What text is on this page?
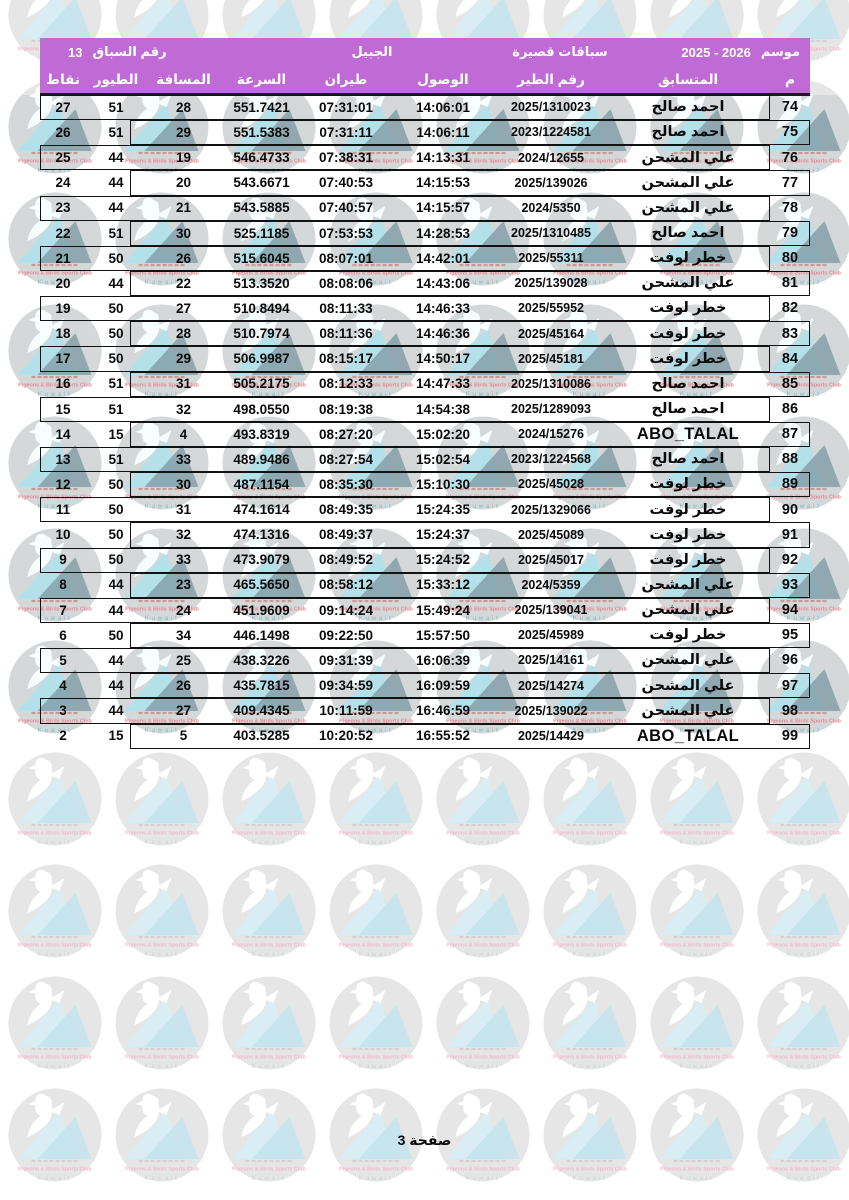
13 رقم السباق	الجبيل	سباقات قصيرة	2025 - 2026 موسم
نقاط	الطيور	المسافة	السرعة	طيران	الوصول	رقم الطير	المتسابق	م
27	51	28	551.7421	07:31:01	14:06:01	2025/1310023	احمد صالح	74
26	51	29	551.5383	07:31:11	14:06:11	2023/1224581	احمد صالح	75
25	44	19	546.4733	07:38:31	14:13:31	2024/12655	علي المشحن	76
24	44	20	543.6671	07:40:53	14:15:53	2025/139026	علي المشحن	77
23	44	21	543.5885	07:40:57	14:15:57	2024/5350	علي المشحن	78
22	51	30	525.1185	07:53:53	14:28:53	2025/1310485	احمد صالح	79
21	50	26	515.6045	08:07:01	14:42:01	2025/55311	خطر لوفت	80
20	44	22	513.3520	08:08:06	14:43:06	2025/139028	علي المشحن	81
19	50	27	510.8494	08:11:33	14:46:33	2025/55952	خطر لوفت	82
18	50	28	510.7974	08:11:36	14:46:36	2025/45164	خطر لوفت	83
17	50	29	506.9987	08:15:17	14:50:17	2025/45181	خطر لوفت	84
16	51	31	505.2175	08:12:33	14:47:33	2025/1310086	احمد صالح	85
15	51	32	498.0550	08:19:38	14:54:38	2025/1289093	احمد صالح	86
14	15	4	493.8319	08:27:20	15:02:20	2024/15276	ABO_TALAL	87
13	51	33	489.9486	08:27:54	15:02:54	2023/1224568	احمد صالح	88
12	50	30	487.1154	08:35:30	15:10:30	2025/45028	خطر لوفت	89
11	50	31	474.1614	08:49:35	15:24:35	2025/1329066	خطر لوفت	90
10	50	32	474.1316	08:49:37	15:24:37	2025/45089	خطر لوفت	91
9	50	33	473.9079	08:49:52	15:24:52	2025/45017	خطر لوفت	92
8	44	23	465.5650	08:58:12	15:33:12	2024/5359	علي المشحن	93
7	44	24	451.9609	09:14:24	15:49:24	2025/139041	علي المشحن	94
6	50	34	446.1498	09:22:50	15:57:50	2025/45989	خطر لوفت	95
5	44	25	438.3226	09:31:39	16:06:39	2025/14161	علي المشحن	96
4	44	26	435.7815	09:34:59	16:09:59	2025/14274	علي المشحن	97
3	44	27	409.4345	10:11:59	16:46:59	2025/139022	علي المشحن	98
2	15	5	403.5285	10:20:52	16:55:52	2025/14429	ABO_TALAL	99
صفحة 3
